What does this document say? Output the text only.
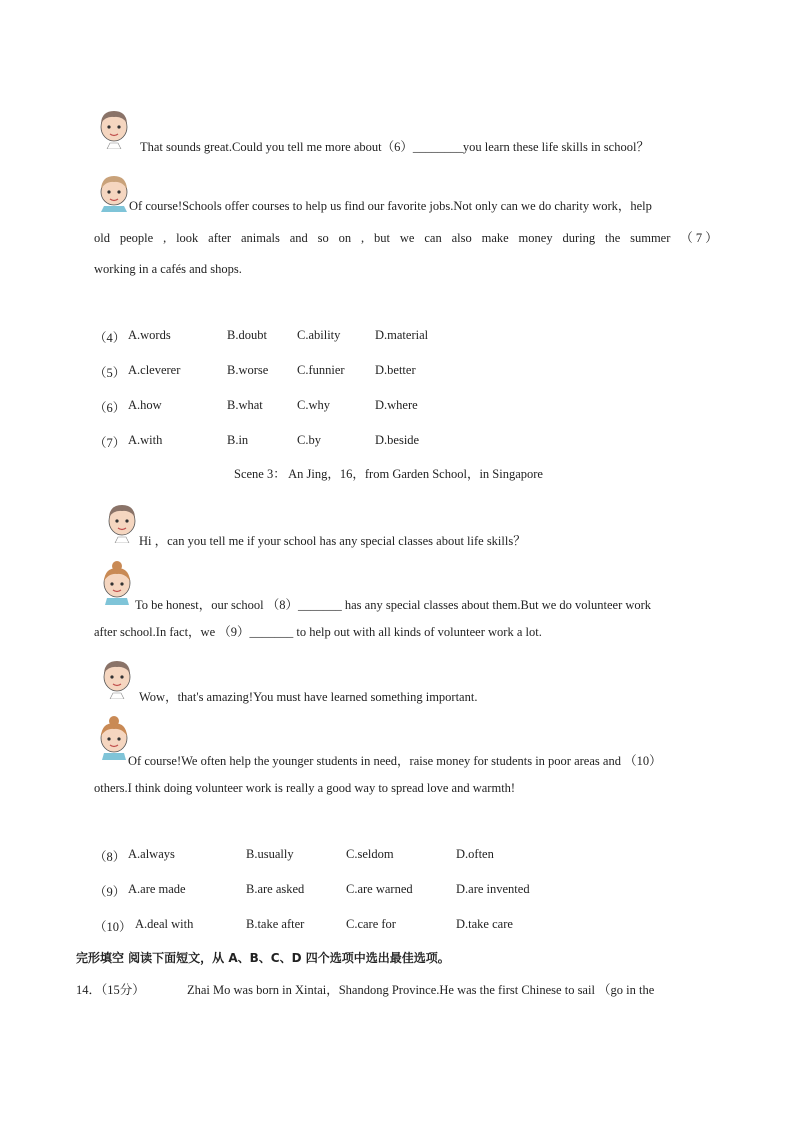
That sounds great.Could you tell me more about（6）________you learn these life skills in school？
Of course!Schools offer courses to help us find our favorite jobs.Not only can we do charity work，help
old people , look after animals and so on , but we can also make money during the summer （ 7 ）
working in a cafés and shops.
（4） A.words	B.doubt C.ability	D.material
（5） A.cleverer	B.worse C.funnier D.better
（6） A.how	B.what	C.why	D.where
（7） A.with	B.in	C.by	D.beside
Scene 3： An Jing，16，from Garden School，in Singapore
Hi ，can you tell me if your school has any special classes about life skills？
To be honest，our school （8）_______ has any special classes about them.But we do volunteer work
after school.In fact，we （9）_______ to help out with all kinds of volunteer work a lot.
Wow，that's amazing!You must have learned something important.
Of course!We often help the younger students in need，raise money for students in poor areas and （10）
others.I think doing volunteer work is really a good way to spread love and warmth!
（8） A.always	B.usually	C.seldom	D.often
（9） A.are made	B.are asked	C.are warned	D.are invented
（10） A.deal with	B.take after	C.care for	D.take care
完形填空 阅读下面短文，从 A、B、C、D 四个选项中选出最佳选项。
14．（15分）	Zhai Mo was born in Xintai，Shandong Province.He was the first Chinese to sail （go in the
